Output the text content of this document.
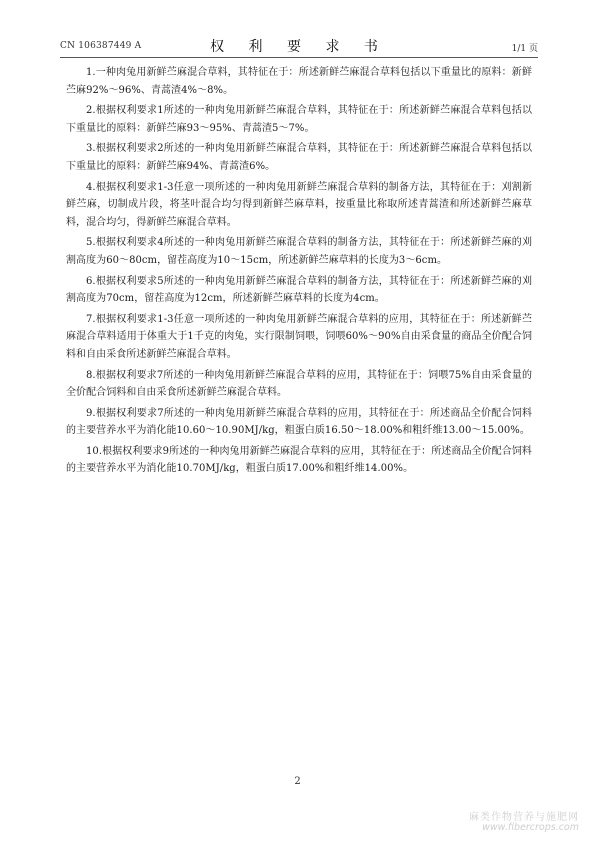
CN 106387449 A	权 利 要 求 书	1/1 页

1.一种肉兔用新鲜苎麻混合草料，其特征在于：所述新鲜苎麻混合草料包括以下重量比的原料：新鲜苎麻92%～96%、青蒿渣4%～8%。

2.根据权利要求1所述的一种肉兔用新鲜苎麻混合草料，其特征在于：所述新鲜苎麻混合草料包括以下重量比的原料：新鲜苎麻93～95%、青蒿渣5～7%。

3.根据权利要求2所述的一种肉兔用新鲜苎麻混合草料，其特征在于：所述新鲜苎麻混合草料包括以下重量比的原料：新鲜苎麻94%、青蒿渣6%。

4.根据权利要求1-3任意一项所述的一种肉兔用新鲜苎麻混合草料的制备方法，其特征在于：刈割新鲜苎麻，切制成片段，将茎叶混合均匀得到新鲜苎麻草料，按重量比称取所述青蒿渣和所述新鲜苎麻草料，混合均匀，得新鲜苎麻混合草料。

5.根据权利要求4所述的一种肉兔用新鲜苎麻混合草料的制备方法，其特征在于：所述新鲜苎麻的刈割高度为60～80cm，留茬高度为10～15cm，所述新鲜苎麻草料的长度为3～6cm。

6.根据权利要求5所述的一种肉兔用新鲜苎麻混合草料的制备方法，其特征在于：所述新鲜苎麻的刈割高度为70cm，留茬高度为12cm，所述新鲜苎麻草料的长度为4cm。

7.根据权利要求1-3任意一项所述的一种肉兔用新鲜苎麻混合草料的应用，其特征在于：所述新鲜苎麻混合草料适用于体重大于1千克的肉兔，实行限制饲喂，饲喂60%～90%自由采食量的商品全价配合饲料和自由采食所述新鲜苎麻混合草料。

8.根据权利要求7所述的一种肉兔用新鲜苎麻混合草料的应用，其特征在于：饲喂75%自由采食量的全价配合饲料和自由采食所述新鲜苎麻混合草料。

9.根据权利要求7所述的一种肉兔用新鲜苎麻混合草料的应用，其特征在于：所述商品全价配合饲料的主要营养水平为消化能10.60～10.90MJ/kg，粗蛋白质16.50～18.00%和粗纤维13.00～15.00%。

10.根据权利要求9所述的一种肉兔用新鲜苎麻混合草料的应用，其特征在于：所述商品全价配合饲料的主要营养水平为消化能10.70MJ/kg，粗蛋白质17.00%和粗纤维14.00%。

2
麻类作物营养与施肥网
www.fibercrops.com
